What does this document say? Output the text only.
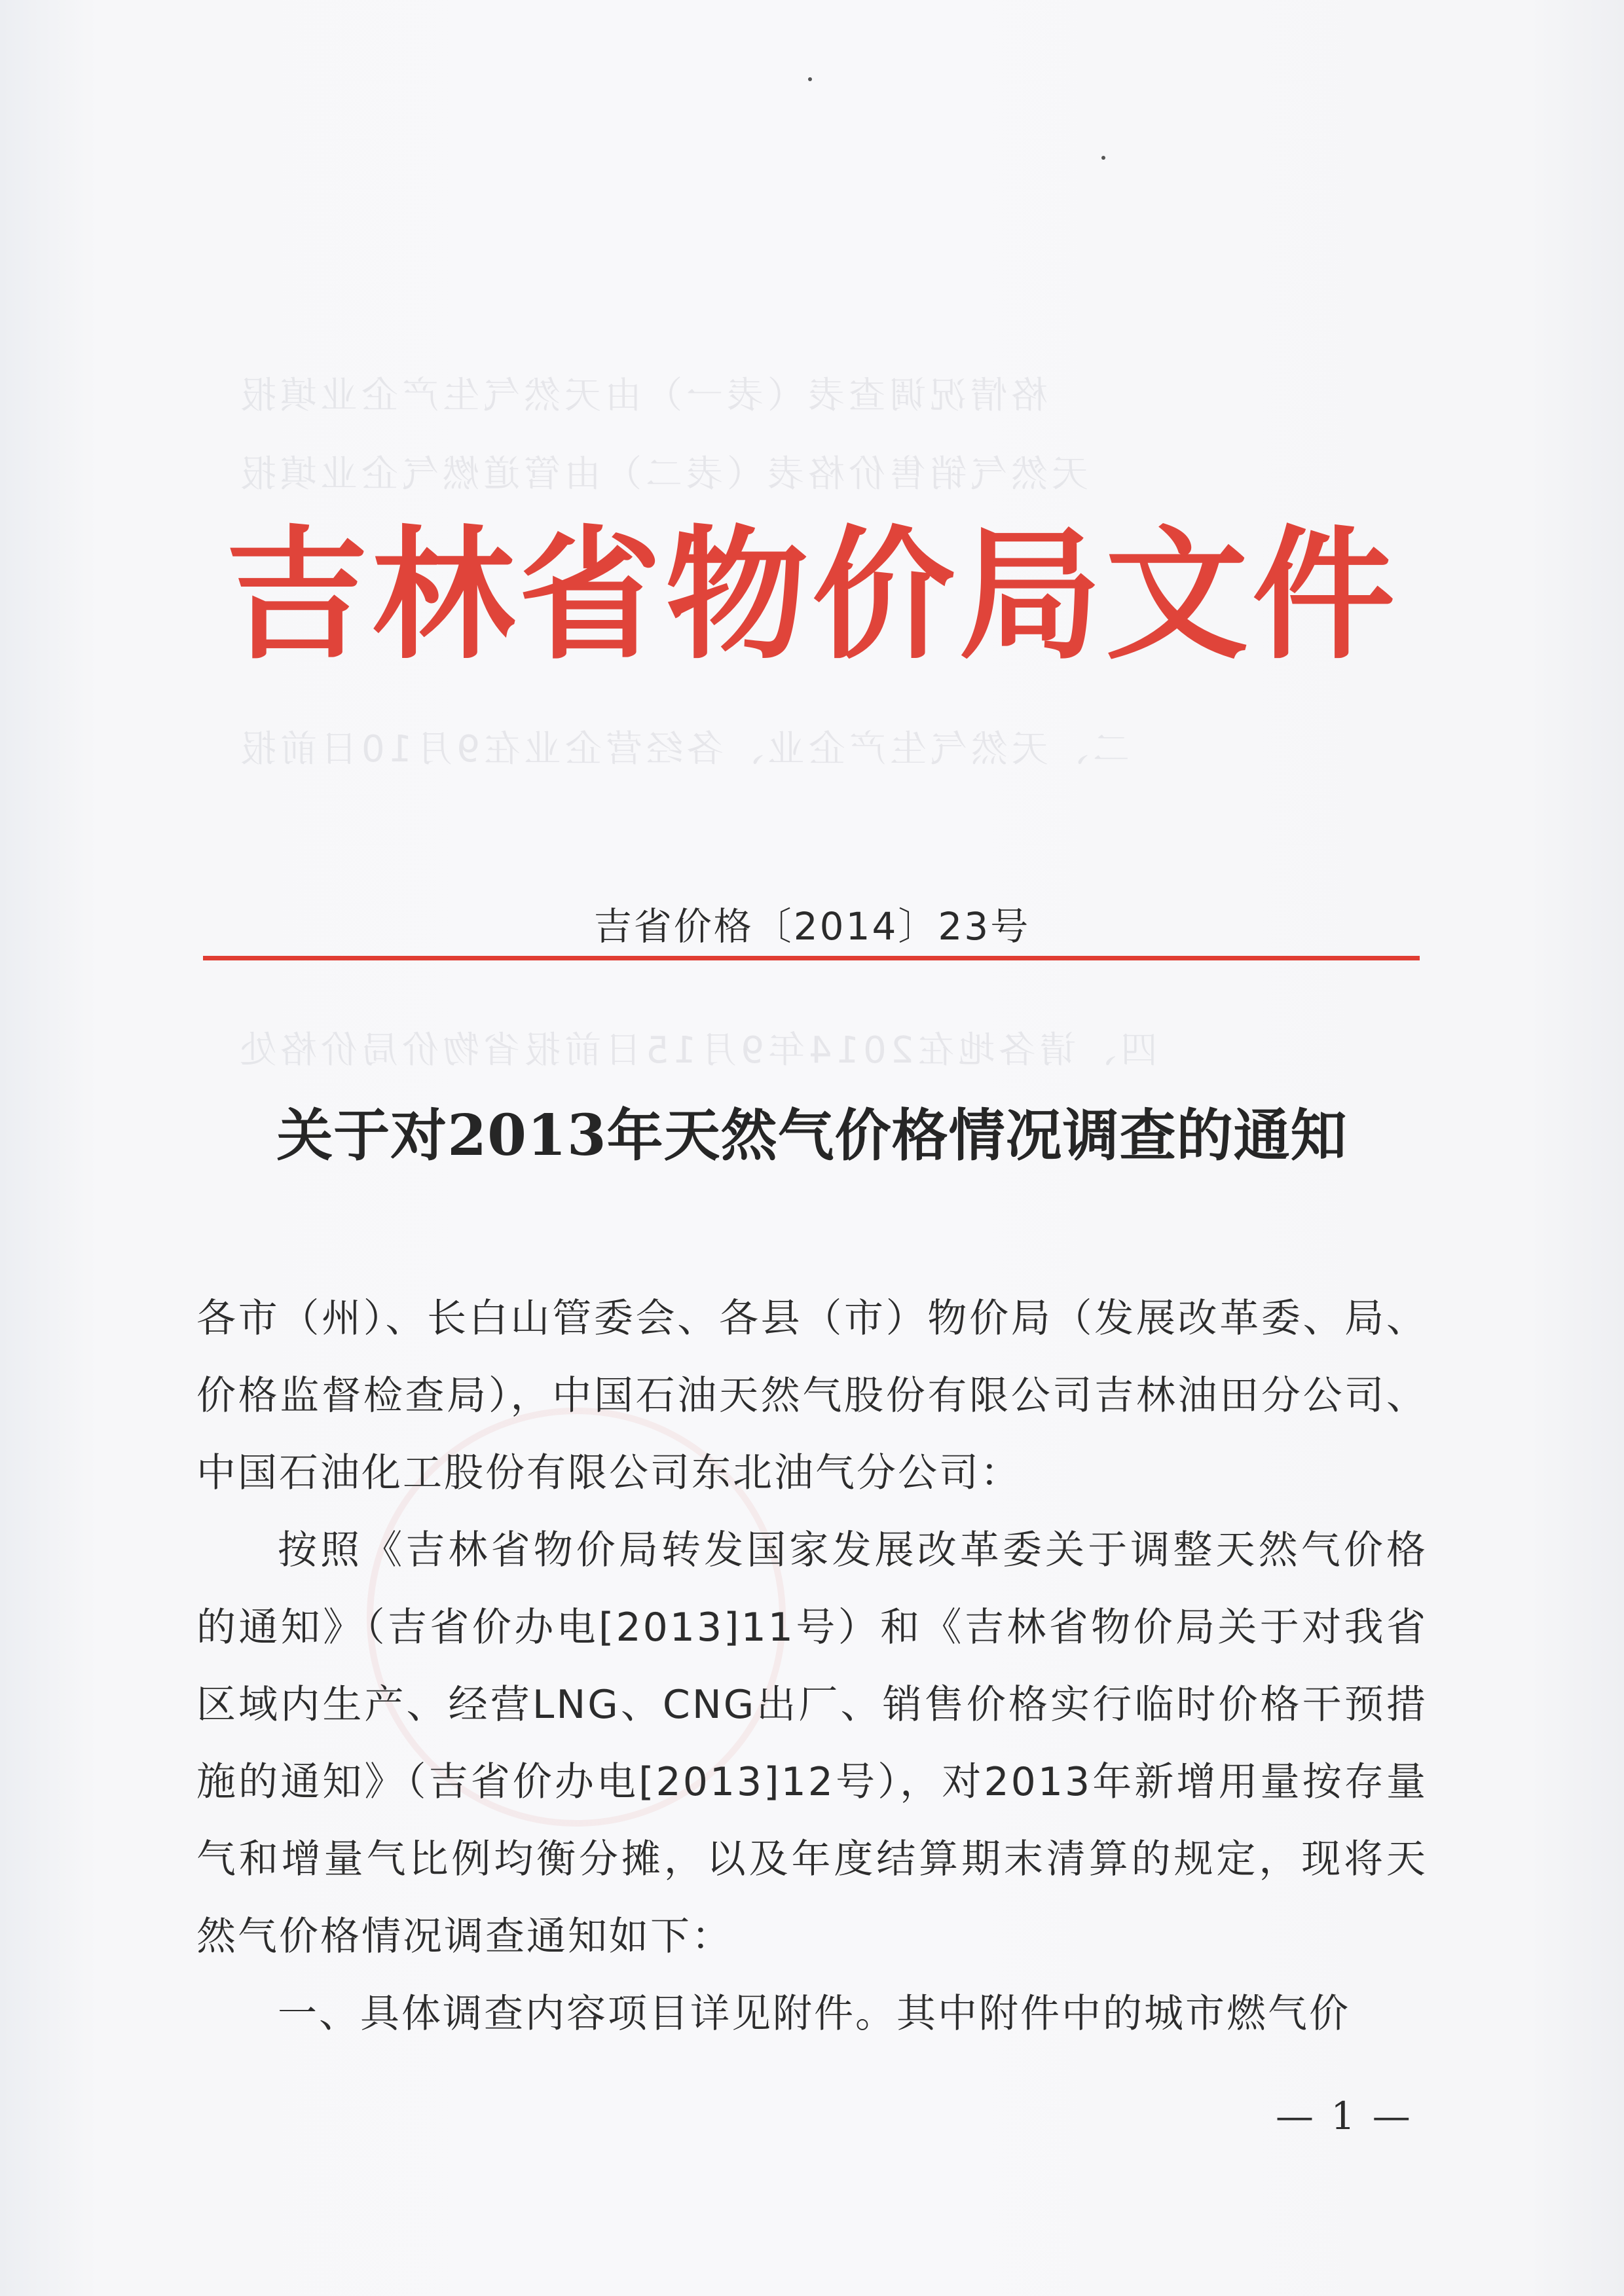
格情况调查表（表一）由天然气生产企业填报
天然气销售价格表（表二）由管道燃气企业填报
二、天然气生产企业、各经营企业在9月10日前报
四、请各地在2014年9月15日前报省物价局价格处
吉林省物价局文件
吉省价格〔2014〕23号
关于对2013年天然气价格情况调查的通知

各市（州）、长白山管委会、各县（市）物价局（发展改革委、局、价格监督检查局），中国石油天然气股份有限公司吉林油田分公司、中国石油化工股份有限公司东北油气分公司：

按照《吉林省物价局转发国家发展改革委关于调整天然气价格的通知》（吉省价办电[2013]11号）和《吉林省物价局关于对我省区域内生产、经营LNG、CNG出厂、销售价格实行临时价格干预措施的通知》（吉省价办电[2013]12号），对2013年新增用量按存量气和增量气比例均衡分摊，以及年度结算期末清算的规定，现将天然气价格情况调查通知如下：

一、具体调查内容项目详见附件。其中附件中的城市燃气价

— 1 —
